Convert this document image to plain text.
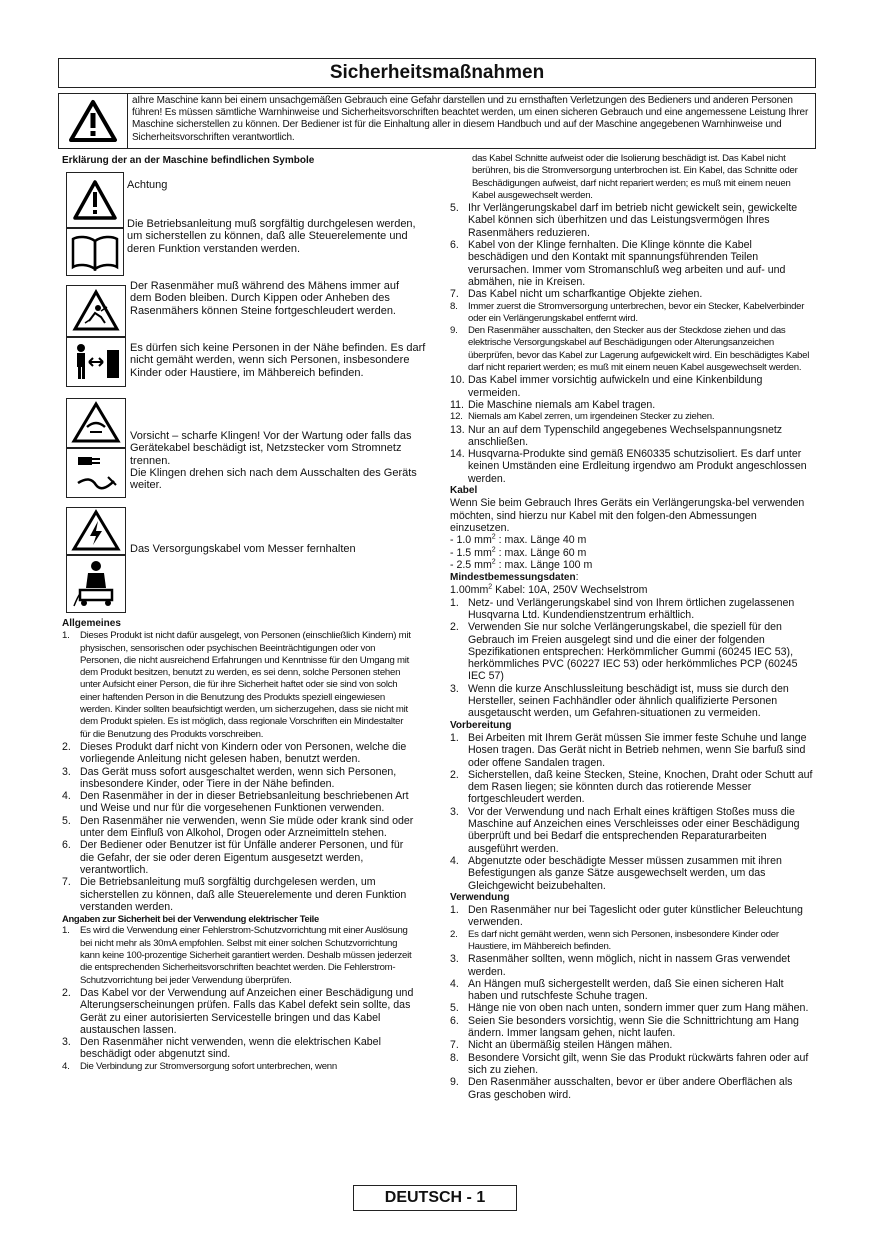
Sicherheitsmaßnahmen
aIhre Maschine kann bei einem unsachgemäßen Gebrauch eine Gefahr darstellen und zu ernsthaften Verletzungen des Bedieners und anderen Personen führen! Es müssen sämtliche Warnhinweise und Sicherheitsvorschriften beachtet werden, um einen sicheren Gebrauch und eine angemessene Leistung Ihrer Maschine sicherstellen zu können. Der Bediener ist für die Einhaltung aller in diesem Handbuch und auf der Maschine angegebenen Warnhinweise und Sicherheitsvorschriften verantwortlich.
Erklärung der an der Maschine befindlichen Symbole
Achtung
Die Betriebsanleitung muß sorgfältig durchgelesen werden, um sicherstellen zu können, daß alle Steuerelemente und deren Funktion verstanden werden.
Der Rasenmäher muß während des Mähens immer auf dem Boden bleiben. Durch Kippen oder Anheben des Rasenmähers können Steine fortgeschleudert werden.
Es dürfen sich keine Personen in der Nähe befinden. Es darf nicht gemäht werden, wenn sich Personen, insbesondere Kinder oder Haustiere, im Mähbereich befinden.
Vorsicht – scharfe Klingen! Vor der Wartung oder falls das Gerätekabel beschädigt ist, Netzstecker vom Stromnetz trennen.
Die Klingen drehen sich nach dem Ausschalten des Geräts weiter.
Das Versorgungskabel vom Messer fernhalten
Allgemeines
1. Dieses Produkt ist nicht dafür ausgelegt, von Personen (einschließlich Kindern) mit physischen, sensorischen oder psychischen Beeinträchtigungen oder von Personen, die nicht ausreichend Erfahrungen und Kenntnisse für den Umgang mit dem Produkt besitzen, benutzt zu werden, es sei denn, solche Personen stehen unter Aufsicht einer Person, die für ihre Sicherheit haftet oder sie sind von solch einer haftenden Person in die Benutzung des Produkts speziell eingewiesen werden. Kinder sollten beaufsichtigt werden, um sicherzugehen, dass sie nicht mit dem Produkt spielen. Es ist möglich, dass regionale Vorschriften ein Mindestalter für die Benutzung des Produkts vorschreiben.
2. Dieses Produkt darf nicht von Kindern oder von Personen, welche die vorliegende Anleitung nicht gelesen haben, benutzt werden.
3. Das Gerät muss sofort ausgeschaltet werden, wenn sich Personen, insbesondere Kinder, oder Tiere in der Nähe befinden.
4. Den Rasenmäher in der in dieser Betriebsanleitung beschriebenen Art und Weise und nur für die vorgesehenen Funktionen verwenden.
5. Den Rasenmäher nie verwenden, wenn Sie müde oder krank sind oder unter dem Einfluß von Alkohol, Drogen oder Arzneimitteln stehen.
6. Der Bediener oder Benutzer ist für Unfälle anderer Personen, und für die Gefahr, der sie oder deren Eigentum ausgesetzt werden, verantwortlich.
7. Die Betriebsanleitung muß sorgfältig durchgelesen werden, um sicherstellen zu können, daß alle Steuerelemente und deren Funktion verstanden werden.
Angaben zur Sicherheit bei der Verwendung elektrischer Teile
1. Es wird die Verwendung einer Fehlerstrom-Schutzvorrichtung mit einer Auslösung bei nicht mehr als 30mA empfohlen. Selbst mit einer solchen Schutzvorrichtung kann keine 100-prozentige Sicherheit garantiert werden. Deshalb müssen jederzeit die entsprechenden Sicherheitsvorschriften beachtet werden. Die Fehlerstrom-Schutzvorrichtung bei jeder Verwendung überprüfen.
2. Das Kabel vor der Verwendung auf Anzeichen einer Beschädigung und Alterungserscheinungen prüfen. Falls das Kabel defekt sein sollte, das Gerät zu einer autorisierten Servicestelle bringen und das Kabel austauschen lassen.
3. Den Rasenmäher nicht verwenden, wenn die elektrischen Kabel beschädigt oder abgenutzt sind.
4. Die Verbindung zur Stromversorgung sofort unterbrechen, wenn
das Kabel Schnitte aufweist oder die Isolierung beschädigt ist. Das Kabel nicht berühren, bis die Stromversorgung unterbrochen ist. Ein Kabel, das Schnitte oder Beschädigungen aufweist, darf nicht repariert werden; es muß mit einem neuen Kabel ausgewechselt werden.
5. Ihr Verlängerungskabel darf im betrieb nicht gewickelt sein, gewickelte Kabel können sich überhitzen und das Leistungsvermögen Ihres Rasenmähers reduzieren.
6. Kabel von der Klinge fernhalten. Die Klinge könnte die Kabel beschädigen und den Kontakt mit spannungsführenden Teilen verursachen. Immer vom Stromanschluß weg arbeiten und auf- und abmähen, nie in Kreisen.
7. Das Kabel nicht um scharfkantige Objekte ziehen.
8. Immer zuerst die Stromversorgung unterbrechen, bevor ein Stecker, Kabelverbinder oder ein Verlängerungskabel entfernt wird.
9. Den Rasenmäher ausschalten, den Stecker aus der Steckdose ziehen und das elektrische Versorgungskabel auf Beschädigungen oder Alterungsanzeichen überprüfen, bevor das Kabel zur Lagerung aufgewickelt wird. Ein beschädigtes Kabel darf nicht repariert werden; es muß mit einem neuen Kabel ausgewechselt werden.
10. Das Kabel immer vorsichtig aufwickeln und eine Kinkenbildung vermeiden.
11. Die Maschine niemals am Kabel tragen.
12. Niemals am Kabel zerren, um irgendeinen Stecker zu ziehen.
13. Nur an auf dem Typenschild angegebenes Wechselspannungsnetz anschließen.
14. Husqvarna-Produkte sind gemäß EN60335 schutzisoliert. Es darf unter keinen Umständen eine Erdleitung irgendwo am Produkt angeschlossen werden.
Kabel
Wenn Sie beim Gebrauch Ihres Geräts ein Verlängerungska-bel verwenden möchten, sind hierzu nur Kabel mit den folgen-den Abmessungen einzusetzen.
- 1.0 $mm^2$ : max. Länge 40 m
- 1.5 $mm^2$ : max. Länge 60 m
- 2.5 $mm^2$ : max. Länge 100 m
Mindestbemessungsdaten:
$1.00mm^2$ Kabel: 10A, 250V Wechselstrom
1. Netz- und Verlängerungskabel sind von Ihrem örtlichen zugelassenen Husqvarna Ltd. Kundendienstzentrum erhältlich.
2. Verwenden Sie nur solche Verlängerungskabel, die speziell für den Gebrauch im Freien ausgelegt sind und die einer der folgenden Spezifikationen entsprechen: Herkömmlicher Gummi (60245 IEC 53), herkömmliches PVC (60227 IEC 53) oder herkömmliches PCP (60245 IEC 57)
3. Wenn die kurze Anschlussleitung beschädigt ist, muss sie durch den Hersteller, seinen Fachhändler oder ähnlich qualifizierte Personen ausgetauscht werden, um Gefahren-situationen zu vermeiden.
Vorbereitung
1. Bei Arbeiten mit Ihrem Gerät müssen Sie immer feste Schuhe und lange Hosen tragen. Das Gerät nicht in Betrieb nehmen, wenn Sie barfuß sind oder offene Sandalen tragen.
2. Sicherstellen, daß keine Stecken, Steine, Knochen, Draht oder Schutt auf dem Rasen liegen; sie könnten durch das rotierende Messer fortgeschleudert werden.
3. Vor der Verwendung und nach Erhalt eines kräftigen Stoßes muss die Maschine auf Anzeichen eines Verschleisses oder einer Beschädigung überprüft und bei Bedarf die entsprechenden Reparaturarbeiten ausgeführt werden.
4. Abgenutzte oder beschädigte Messer müssen zusammen mit ihren Befestigungen als ganze Sätze ausgewechselt werden, um das Gleichgewicht beizubehalten.
Verwendung
1. Den Rasenmäher nur bei Tageslicht oder guter künstlicher Beleuchtung verwenden.
2. Es darf nicht gemäht werden, wenn sich Personen, insbesondere Kinder oder Haustiere, im Mähbereich befinden.
3. Rasenmäher sollten, wenn möglich, nicht in nassem Gras verwendet werden.
4. An Hängen muß sichergestellt werden, daß Sie einen sicheren Halt haben und rutschfeste Schuhe tragen.
5. Hänge nie von oben nach unten, sondern immer quer zum Hang mähen.
6. Seien Sie besonders vorsichtig, wenn Sie die Schnittrichtung am Hang ändern. Immer langsam gehen, nicht laufen.
7. Nicht an übermäßig steilen Hängen mähen.
8. Besondere Vorsicht gilt, wenn Sie das Produkt rückwärts fahren oder auf sich zu ziehen.
9. Den Rasenmäher ausschalten, bevor er über andere Oberflächen als Gras geschoben wird.
DEUTSCH - 1
